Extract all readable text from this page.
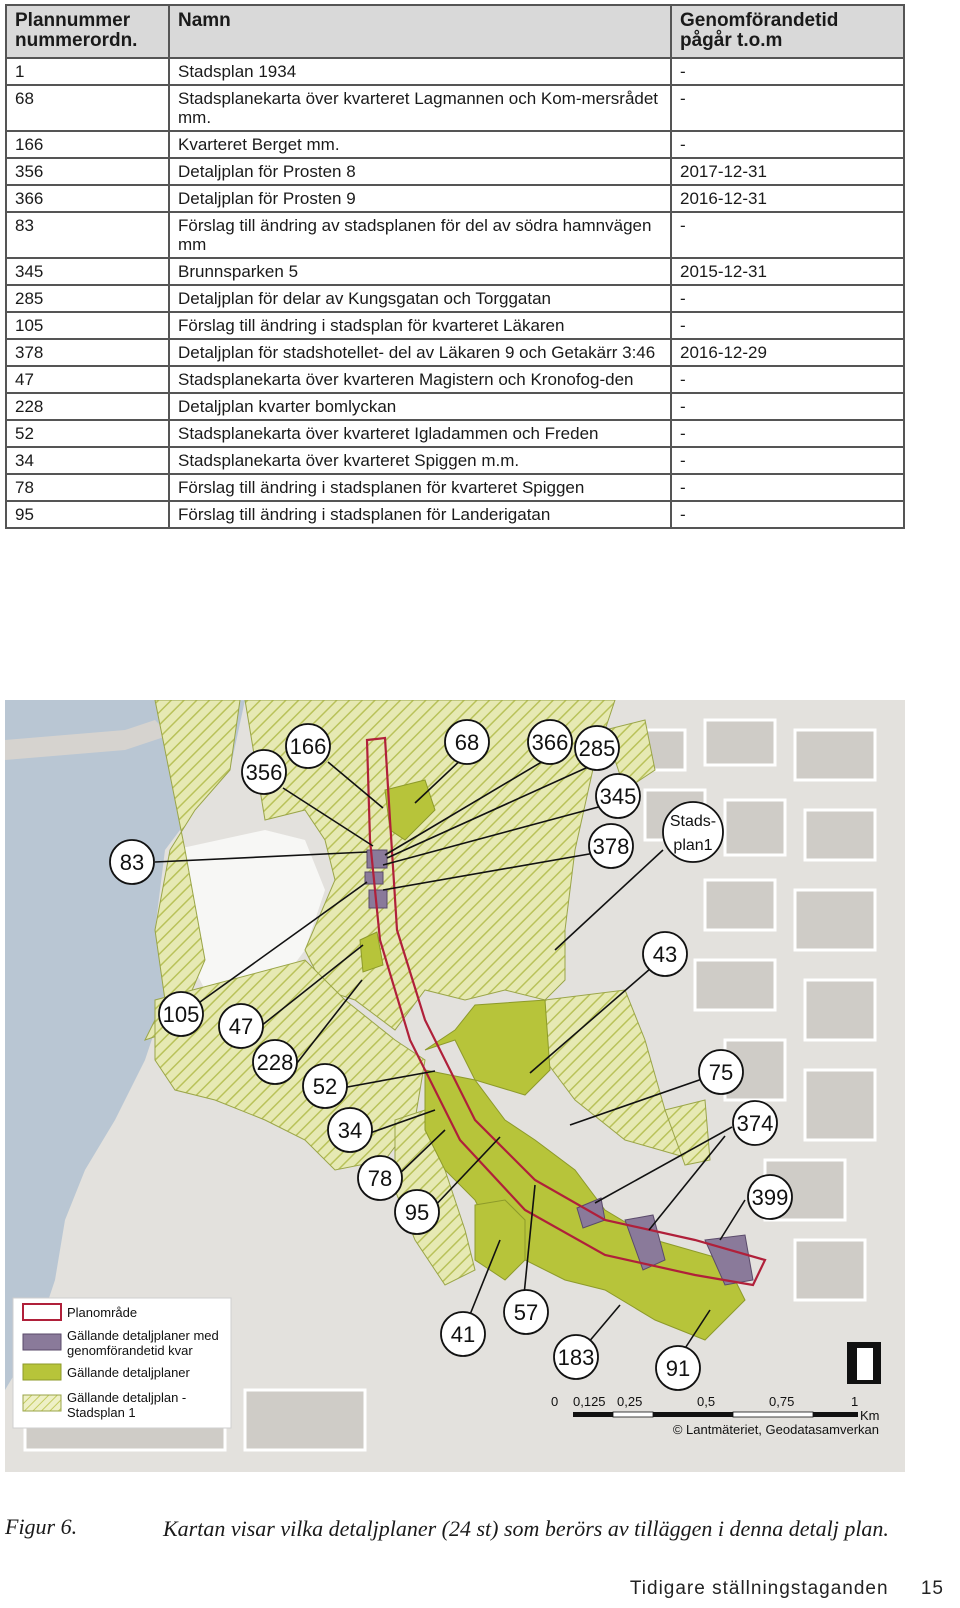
Plannummer nummerordn.	Namn	Genomförandetid pågår t.o.m
1	Stadsplan 1934	-
68	Stadsplanekarta över kvarteret Lagmannen och Kom-mersrådet mm.	-
166	Kvarteret Berget mm.	-
356	Detaljplan för Prosten 8	2017-12-31
366	Detaljplan för Prosten 9	2016-12-31
83	Förslag till ändring av stadsplanen för del av södra hamnvägen mm	-
345	Brunnsparken 5	2015-12-31
285	Detaljplan för delar av Kungsgatan och Torggatan	-
105	Förslag till ändring i stadsplan för kvarteret Läkaren	-
378	Detaljplan för stadshotellet- del av Läkaren 9 och Getakärr 3:46	2016-12-29
47	Stadsplanekarta över kvarteren Magistern och Kronofog-den	-
228	Detaljplan kvarter bomlyckan	-
52	Stadsplanekarta över kvarteret Igladammen och Freden	-
34	Stadsplanekarta över kvarteret Spiggen m.m.	-
78	Förslag till ändring i stadsplanen för kvarteret Spiggen	-
95	Förslag till ändring i stadsplanen för Landerigatan	-
166
356
68 366 285
345
378
83
43
105 47
228
52
75
34	374
78
95
399
41
57
183	91
Stads-
plan1
Planområde
Gällande detaljplaner med
genomförandetid kvar
Gällande detaljplaner
Gällande detaljplan -
Stadsplan 1
0 0,125 0,25	0,5	0,75	1
Km
© Lantmäteriet, Geodatasamverkan
Figur 6.	Kartan visar vilka detaljplaner (24 st) som berörs av tilläggen i denna detalj plan.
Tidigare ställningstaganden 15
